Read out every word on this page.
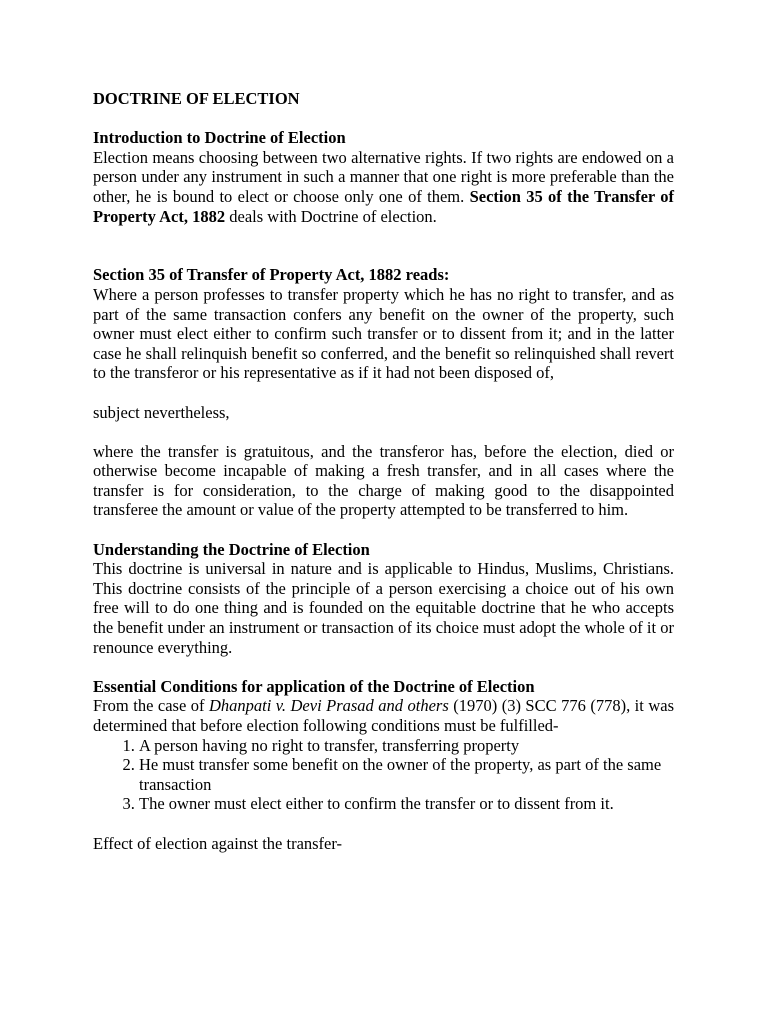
DOCTRINE OF ELECTION
Introduction to Doctrine of Election

Election means choosing between two alternative rights. If two rights are endowed on a person under any instrument in such a manner that one right is more preferable than the other, he is bound to elect or choose only one of them. Section 35 of the Transfer of Property Act, 1882 deals with Doctrine of election.

Section 35 of Transfer of Property Act, 1882 reads:

Where a person professes to transfer property which he has no right to transfer, and as part of the same transaction confers any benefit on the owner of the property, such owner must elect either to confirm such transfer or to dissent from it; and in the latter case he shall relinquish benefit so conferred, and the benefit so relinquished shall revert to the transferor or his representative as if it had not been disposed of,

subject nevertheless,

where the transfer is gratuitous, and the transferor has, before the election, died or otherwise become incapable of making a fresh transfer, and in all cases where the transfer is for consideration, to the charge of making good to the disappointed transferee the amount or value of the property attempted to be transferred to him.

Understanding the Doctrine of Election

This doctrine is universal in nature and is applicable to Hindus, Muslims, Christians. This doctrine consists of the principle of a person exercising a choice out of his own free will to do one thing and is founded on the equitable doctrine that he who accepts the benefit under an instrument or transaction of its choice must adopt the whole of it or renounce everything.

Essential Conditions for application of the Doctrine of Election

From the case of Dhanpati v. Devi Prasad and others (1970) (3) SCC 776 (778), it was determined that before election following conditions must be fulfilled-

1. A person having no right to transfer, transferring property
2. He must transfer some benefit on the owner of the property, as part of the same transaction
3. The owner must elect either to confirm the transfer or to dissent from it.

Effect of election against the transfer-
